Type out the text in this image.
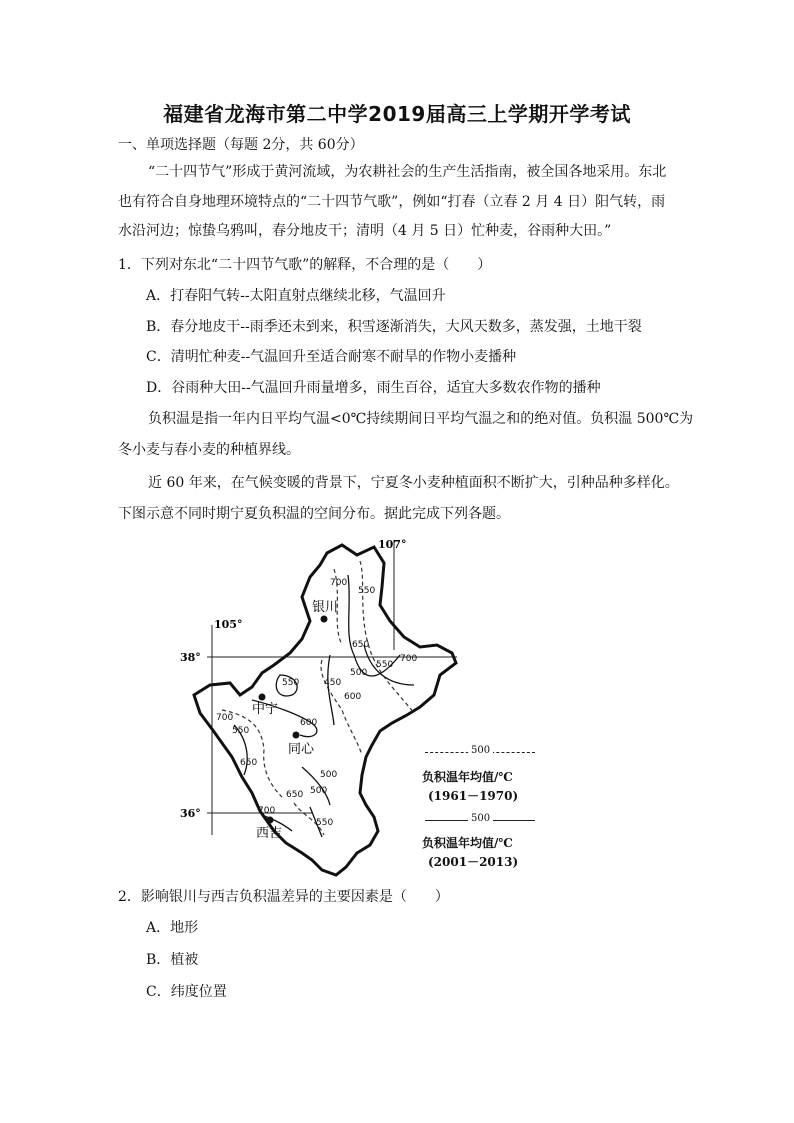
福建省龙海市第二中学2019届高三上学期开学考试
一、单项选择题（每题 2分，共 60分）
“二十四节气”形成于黄河流域，为农耕社会的生产生活指南，被全国各地采用。东北
也有符合自身地理环境特点的“二十四节气歌”，例如“打春（立春 2 月 4 日）阳气转，雨
水沿河边；惊蛰乌鸦叫，春分地皮干；清明（4 月 5 日）忙种麦，谷雨种大田。”
1．下列对东北“二十四节气歌”的解释，不合理的是（　　）
A．打春阳气转--太阳直射点继续北移，气温回升
B．春分地皮干--雨季还未到来，积雪逐渐消失，大风天数多，蒸发强，土地干裂
C．清明忙种麦--气温回升至适合耐寒不耐旱的作物小麦播种
D．谷雨种大田--气温回升雨量增多，雨生百谷，适宜大多数农作物的播种
负积温是指一年内日平均气温<0℃持续期间日平均气温之和的绝对值。负积温 500℃为
冬小麦与春小麦的种植界线。
近 60 年来，在气候变暖的背景下，宁夏冬小麦种植面积不断扩大，引种品种多样化。
下图示意不同时期宁夏负积温的空间分布。据此完成下列各题。
105°
107°
38°
36°
银川
中宁
同心
西吉
700
550
700
650
550
500
450
600
550
700
550
600
650
650 500
700
550
500
500
负积温年均值/℃
(1961－1970)
500
负积温年均值/℃
(2001－2013)
2．影响银川与西吉负积温差异的主要因素是（　　）
A．地形
B．植被
C．纬度位置
